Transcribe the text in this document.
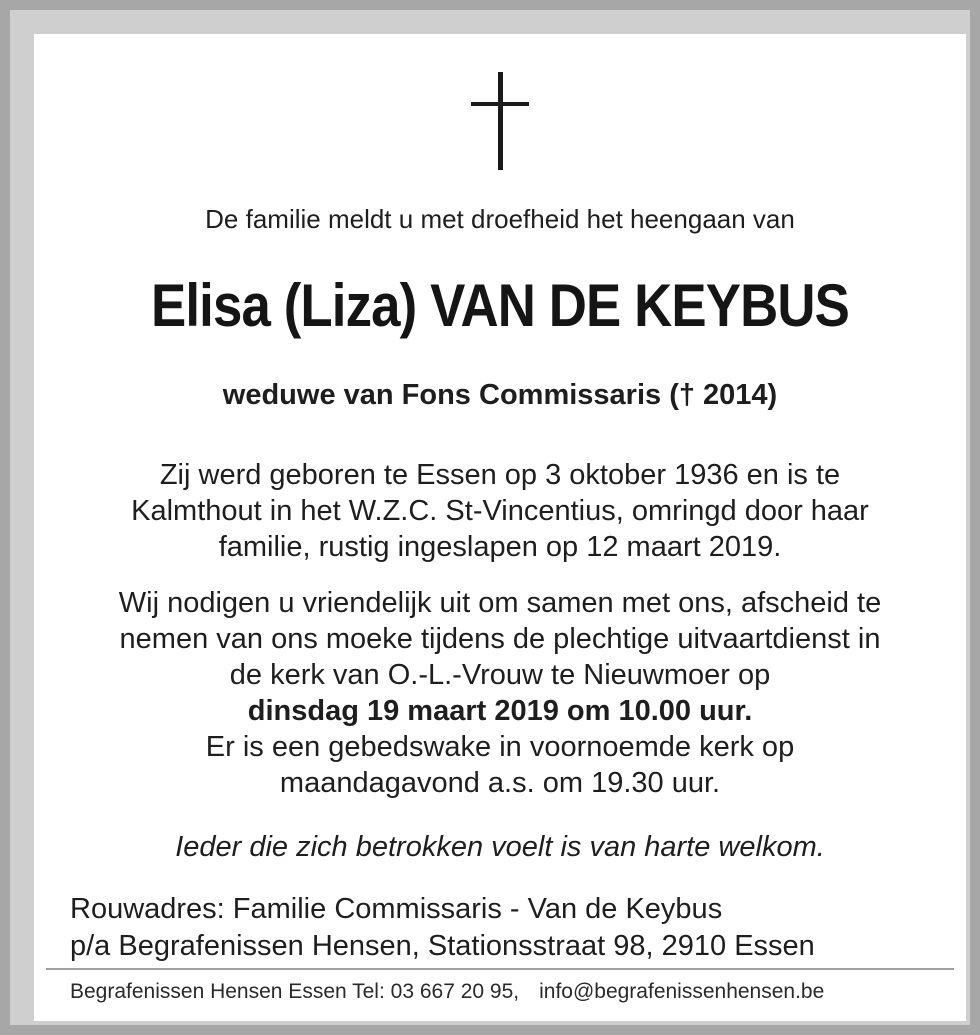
De familie meldt u met droefheid het heengaan van
Elisa (Liza) VAN DE KEYBUS
weduwe van Fons Commissaris († 2014)
Zij werd geboren te Essen op 3 oktober 1936 en is te
Kalmthout in het W.Z.C. St-Vincentius, omringd door haar
familie, rustig ingeslapen op 12 maart 2019.
Wij nodigen u vriendelijk uit om samen met ons, afscheid te
nemen van ons moeke tijdens de plechtige uitvaartdienst in
de kerk van O.-L.-Vrouw te Nieuwmoer op
dinsdag 19 maart 2019 om 10.00 uur.
Er is een gebedswake in voornoemde kerk op
maandagavond a.s. om 19.30 uur.
Ieder die zich betrokken voelt is van harte welkom.
Rouwadres: Familie Commissaris - Van de Keybus
p/a Begrafenissen Hensen, Stationsstraat 98, 2910 Essen
Begrafenissen Hensen Essen Tel: 03 667 20 95, info@begrafenissenhensen.be
